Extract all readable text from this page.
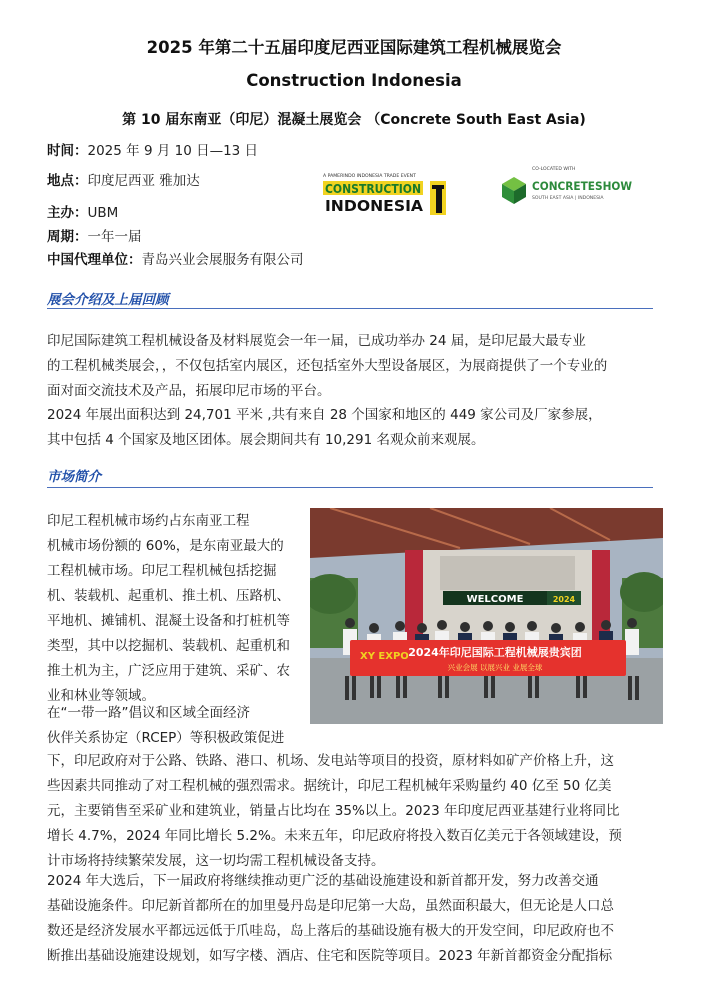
2025 年第二十五届印度尼西亚国际建筑工程机械展览会
Construction Indonesia
第 10 届东南亚（印尼）混凝土展览会 （Concrete South East Asia)
时间：2025 年 9 月 10 日—13 日
地点：印度尼西亚 雅加达
主办：UBM
周期：一年一届
中国代理单位：青岛兴业会展服务有限公司
A PAMERINDO INDONESIA TRADE EVENT
CONSTRUCTION
INDONESIA
CO-LOCATED WITH
CONCRETESHOW
SOUTH EAST ASIA | INDONESIA
展会介绍及上届回顾

印尼国际建筑工程机械设备及材料展览会一年一届，已成功举办 24 届，是印尼最大最专业
的工程机械类展会，，不仅包括室内展区，还包括室外大型设备展区，为展商提供了一个专业的
面对面交流技术及产品，拓展印尼市场的平台。

2024 年展出面积达到 24,701 平米 ,共有来自 28 个国家和地区的 449 家公司及厂家参展，
其中包括 4 个国家及地区团体。展会期间共有 10,291 名观众前来观展。

市场简介

印尼工程机械市场约占东南亚工程
机械市场份额的 60%，是东南亚最大的
工程机械市场。印尼工程机械包括挖掘
机、装载机、起重机、推土机、压路机、
平地机、摊铺机、混凝土设备和打桩机等
类型，其中以挖掘机、装载机、起重机和
推土机为主，广泛应用于建筑、采矿、农
业和林业等领域。

在“一带一路”倡议和区域全面经济
伙伴关系协定（RCEP）等积极政策促进

下，印尼政府对于公路、铁路、港口、机场、发电站等项目的投资，原材料如矿产价格上升，这
些因素共同推动了对工程机械的强烈需求。据统计，印尼工程机械年采购量约 40 亿至 50 亿美
元，主要销售至采矿业和建筑业，销量占比均在 35%以上。2023 年印度尼西亚基建行业将同比
增长 4.7%，2024 年同比增长 5.2%。未来五年，印尼政府将投入数百亿美元于各领域建设，预
计市场将持续繁荣发展，这一切均需工程机械设备支持。

2024 年大选后，下一届政府将继续推动更广泛的基础设施建设和新首都开发，努力改善交通
基础设施条件。印尼新首都所在的加里曼丹岛是印尼第一大岛，虽然面积最大，但无论是人口总
数还是经济发展水平都远远低于爪哇岛，岛上落后的基础设施有极大的开发空间，印尼政府也不
断推出基础设施建设规划，如写字楼、酒店、住宅和医院等项目。2023 年新首都资金分配指标

WELCOME	2024
XY EXPO 2024年印尼国际工程机械展贵宾团
兴业会展 以展兴业 业展全球
